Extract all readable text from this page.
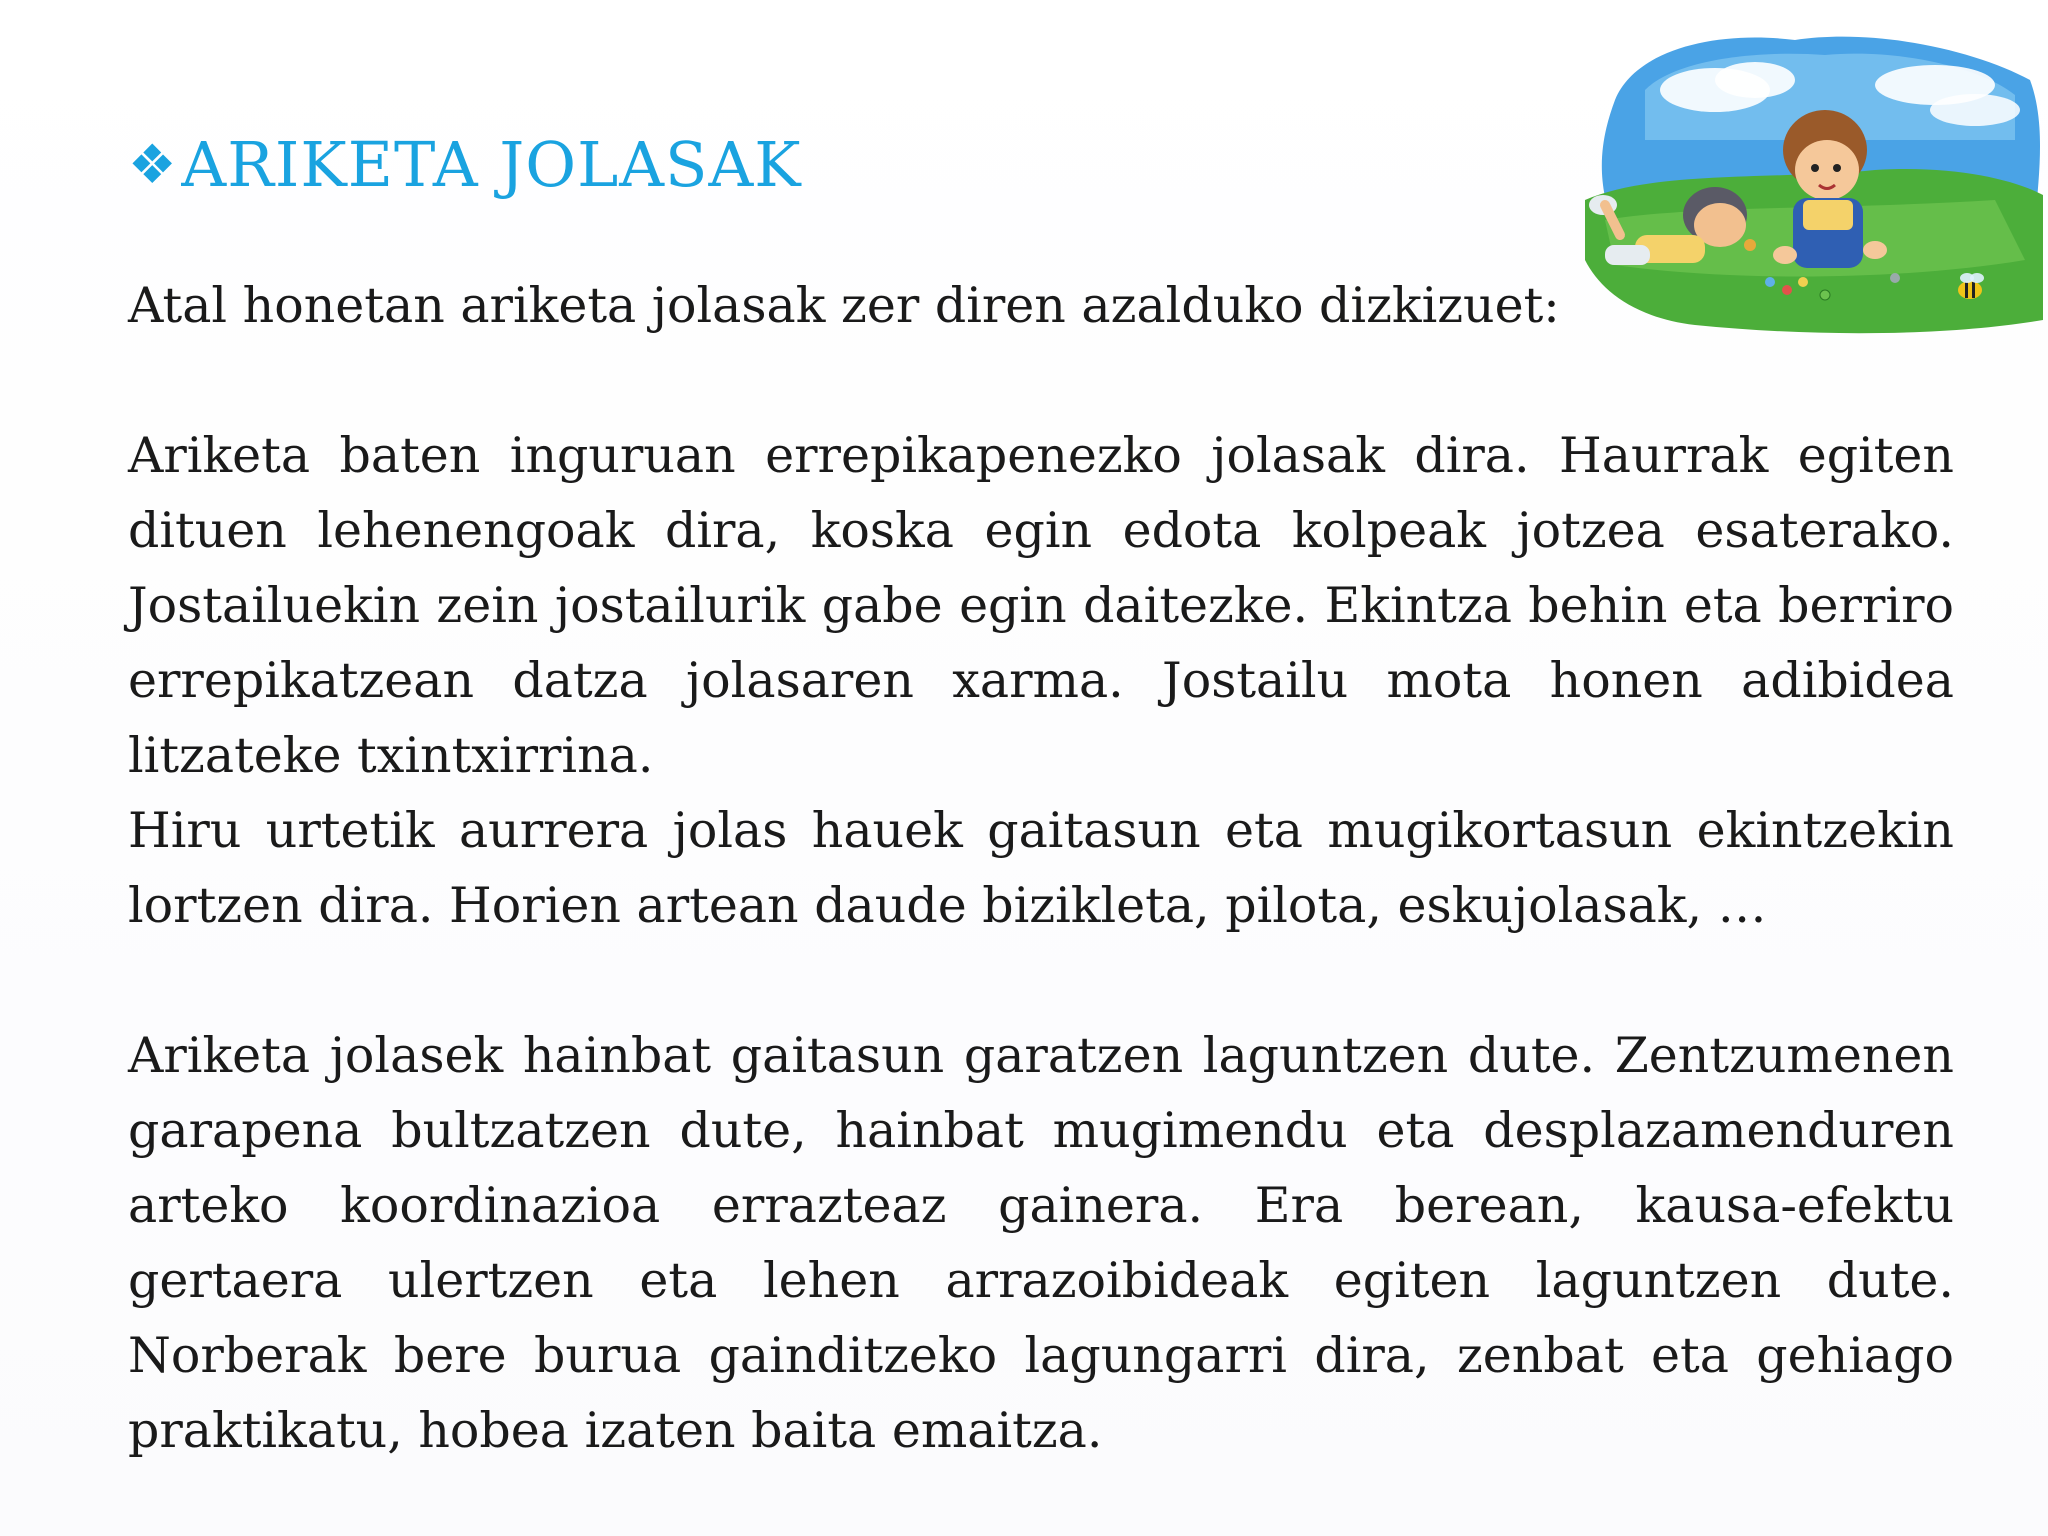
❖ ARIKETA JOLASAK

Atal honetan ariketa jolasak zer diren azalduko dizkizuet:

Ariketa baten inguruan errepikapenezko jolasak dira. Haurrak egiten dituen lehenengoak dira, koska egin edota kolpeak jotzea esaterako. Jostailuekin zein jostailurik gabe egin daitezke. Ekintza behin eta berriro errepikatzean datza jolasaren xarma. Jostailu mota honen adibidea litzateke txintxirrina.

Hiru urtetik aurrera jolas hauek gaitasun eta mugikortasun ekintzekin lortzen dira. Horien artean daude bizikleta, pilota, eskujolasak, …

Ariketa jolasek hainbat gaitasun garatzen laguntzen dute. Zentzumenen garapena bultzatzen dute, hainbat mugimendu eta desplazamenduren arteko koordinazioa errazteaz gainera. Era berean, kausa-efektu gertaera ulertzen eta lehen arrazoibideak egiten laguntzen dute. Norberak bere burua gainditzeko lagungarri dira, zenbat eta gehiago praktikatu, hobea izaten baita emaitza.
